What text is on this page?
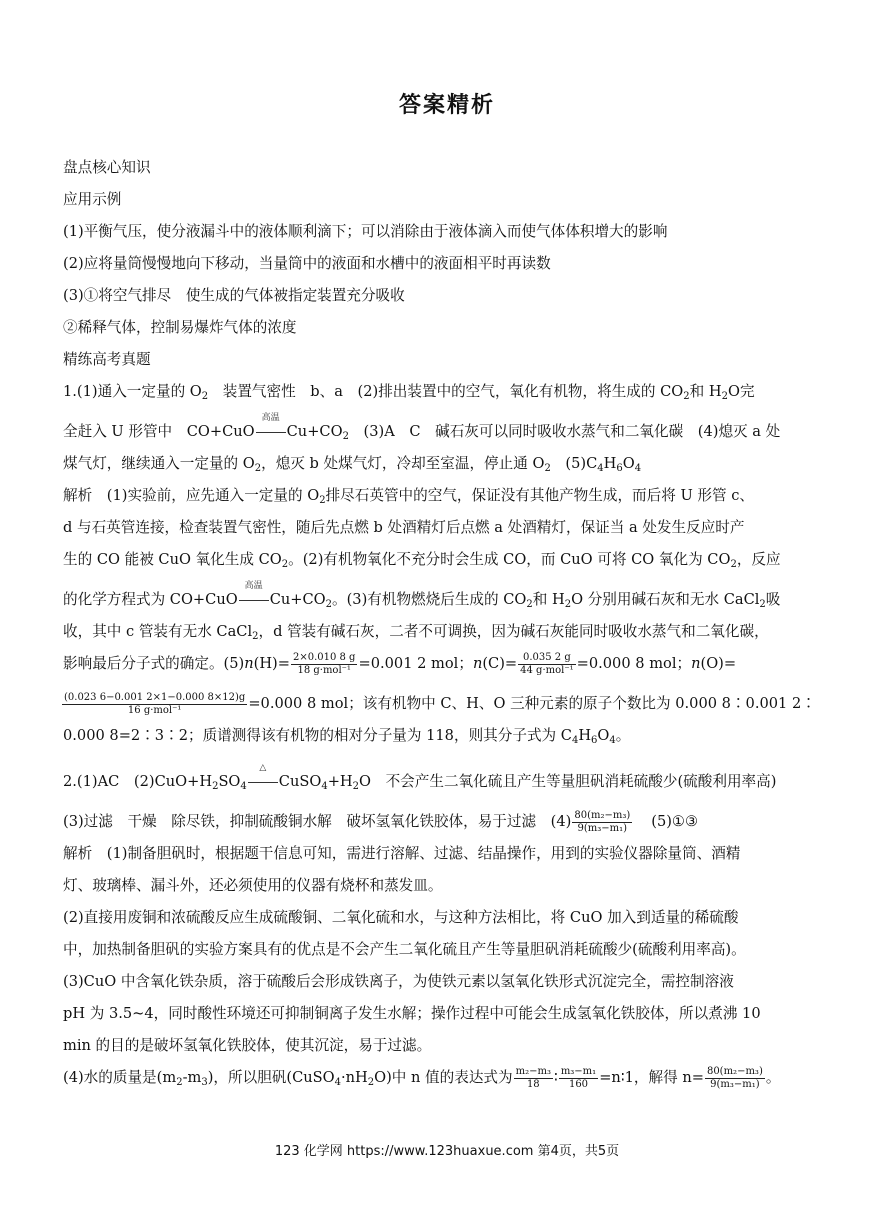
答案精析
盘点核心知识
应用示例
(1)平衡气压，使分液漏斗中的液体顺利滴下；可以消除由于液体滴入而使气体体积增大的影响
(2)应将量筒慢慢地向下移动，当量筒中的液面和水槽中的液面相平时再读数
(3)①将空气排尽　使生成的气体被指定装置充分吸收
②稀释气体，控制易爆炸气体的浓度
精练高考真题
1.(1)通入一定量的 $O_2$　装置气密性　b、a　(2)排出装置中的空气，氧化有机物，将生成的 $CO_2$和 $H_2O$完
全赶入 U 形管中　CO+CuO
高温
$Cu+CO_2$　(3)A　C　碱石灰可以同时吸收水蒸气和二氧化碳　(4)熄灭 a 处
煤气灯，继续通入一定量的 $O_2$，熄灭 b 处煤气灯，冷却至室温，停止通 $O_2$　$(5)C_4H_6O_4$
解析　(1)实验前，应先通入一定量的 $O_2$排尽石英管中的空气，保证没有其他产物生成，而后将 U 形管 c、
d 与石英管连接，检查装置气密性，随后先点燃 b 处酒精灯后点燃 a 处酒精灯，保证当 a 处发生反应时产
生的 CO 能被 CuO 氧化生成 $CO_2$。(2)有机物氧化不充分时会生成 CO，而 CuO 可将 CO 氧化为 $CO_2$，反应
的化学方程式为 CO+CuO
高温
$Cu+CO_2$。(3)有机物燃烧后生成的 $CO_2$和 $H_2O$ 分别用碱石灰和无水 CaCl$_2$吸
收，其中 c 管装有无水 CaCl$_2$，d 管装有碱石灰，二者不可调换，因为碱石灰能同时吸收水蒸气和二氧化碳，
影响最后分子式的确定。$(5)n(H)= \frac{2\times 0.010 8 g}{\text{18 g·mol⁻¹}} =0.001$ 2 mol；$n(C)= \frac{0.035 2 g}{\text{44 g·mol⁻¹}} =0.000$ 8 mol；n(O)=
$\frac{(0.023 6-0.001 2\times 1-0.000 8\times 12)g}{\text{16 g·mol⁻¹}} =0.000$ 8 mol；该有机物中 C、H、O 三种元素的原子个数比为 0.000 8∶0.001 2∶
0.000 8=2∶3∶2；质谱测得该有机物的相对分子量为 118，则其分子式为 $C_4H_6O_4$。
2.(1)AC　$(2)CuO+H_2SO_4$
△
$CuSO_4+H_2O$　不会产生二氧化硫且产生等量胆矾消耗硫酸少(硫酸利用率高)
(3)过滤　干燥　除尽铁，抑制硫酸铜水解　破坏氢氧化铁胶体，易于过滤　$(4) \frac{\text{80(m₂−m₃)}}{\text{9(m₃−m₁)}}$ (5)①③
解析　(1)制备胆矾时，根据题干信息可知，需进行溶解、过滤、结晶操作，用到的实验仪器除量筒、酒精
灯、玻璃棒、漏斗外，还必须使用的仪器有烧杯和蒸发皿。
(2)直接用废铜和浓硫酸反应生成硫酸铜、二氧化硫和水，与这种方法相比，将 CuO 加入到适量的稀硫酸
中，加热制备胆矾的实验方案具有的优点是不会产生二氧化硫且产生等量胆矾消耗硫酸少(硫酸利用率高)。
(3)CuO 中含氧化铁杂质，溶于硫酸后会形成铁离子，为使铁元素以氢氧化铁形式沉淀完全，需控制溶液
pH 为 3.5~4，同时酸性环境还可抑制铜离子发生水解；操作过程中可能会生成氢氧化铁胶体，所以煮沸 10
min 的目的是破坏氢氧化铁胶体，使其沉淀，易于过滤。
(4)水的质量是$(m_2-m_3)$，所以胆矾$(CuSO_4\cdot nH_2O)$中 n 值的表达式为 $\frac{\text{m₂−m₃}}{18}$ ∶ $\frac{\text{m₃−m₁}}{160}$ =n∶1，解得 $n= \frac{\text{80(m₂−m₃)}}{\text{9(m₃−m₁)}}$ 。
123 化学网 https://www.123huaxue.com 第4页，共5页
